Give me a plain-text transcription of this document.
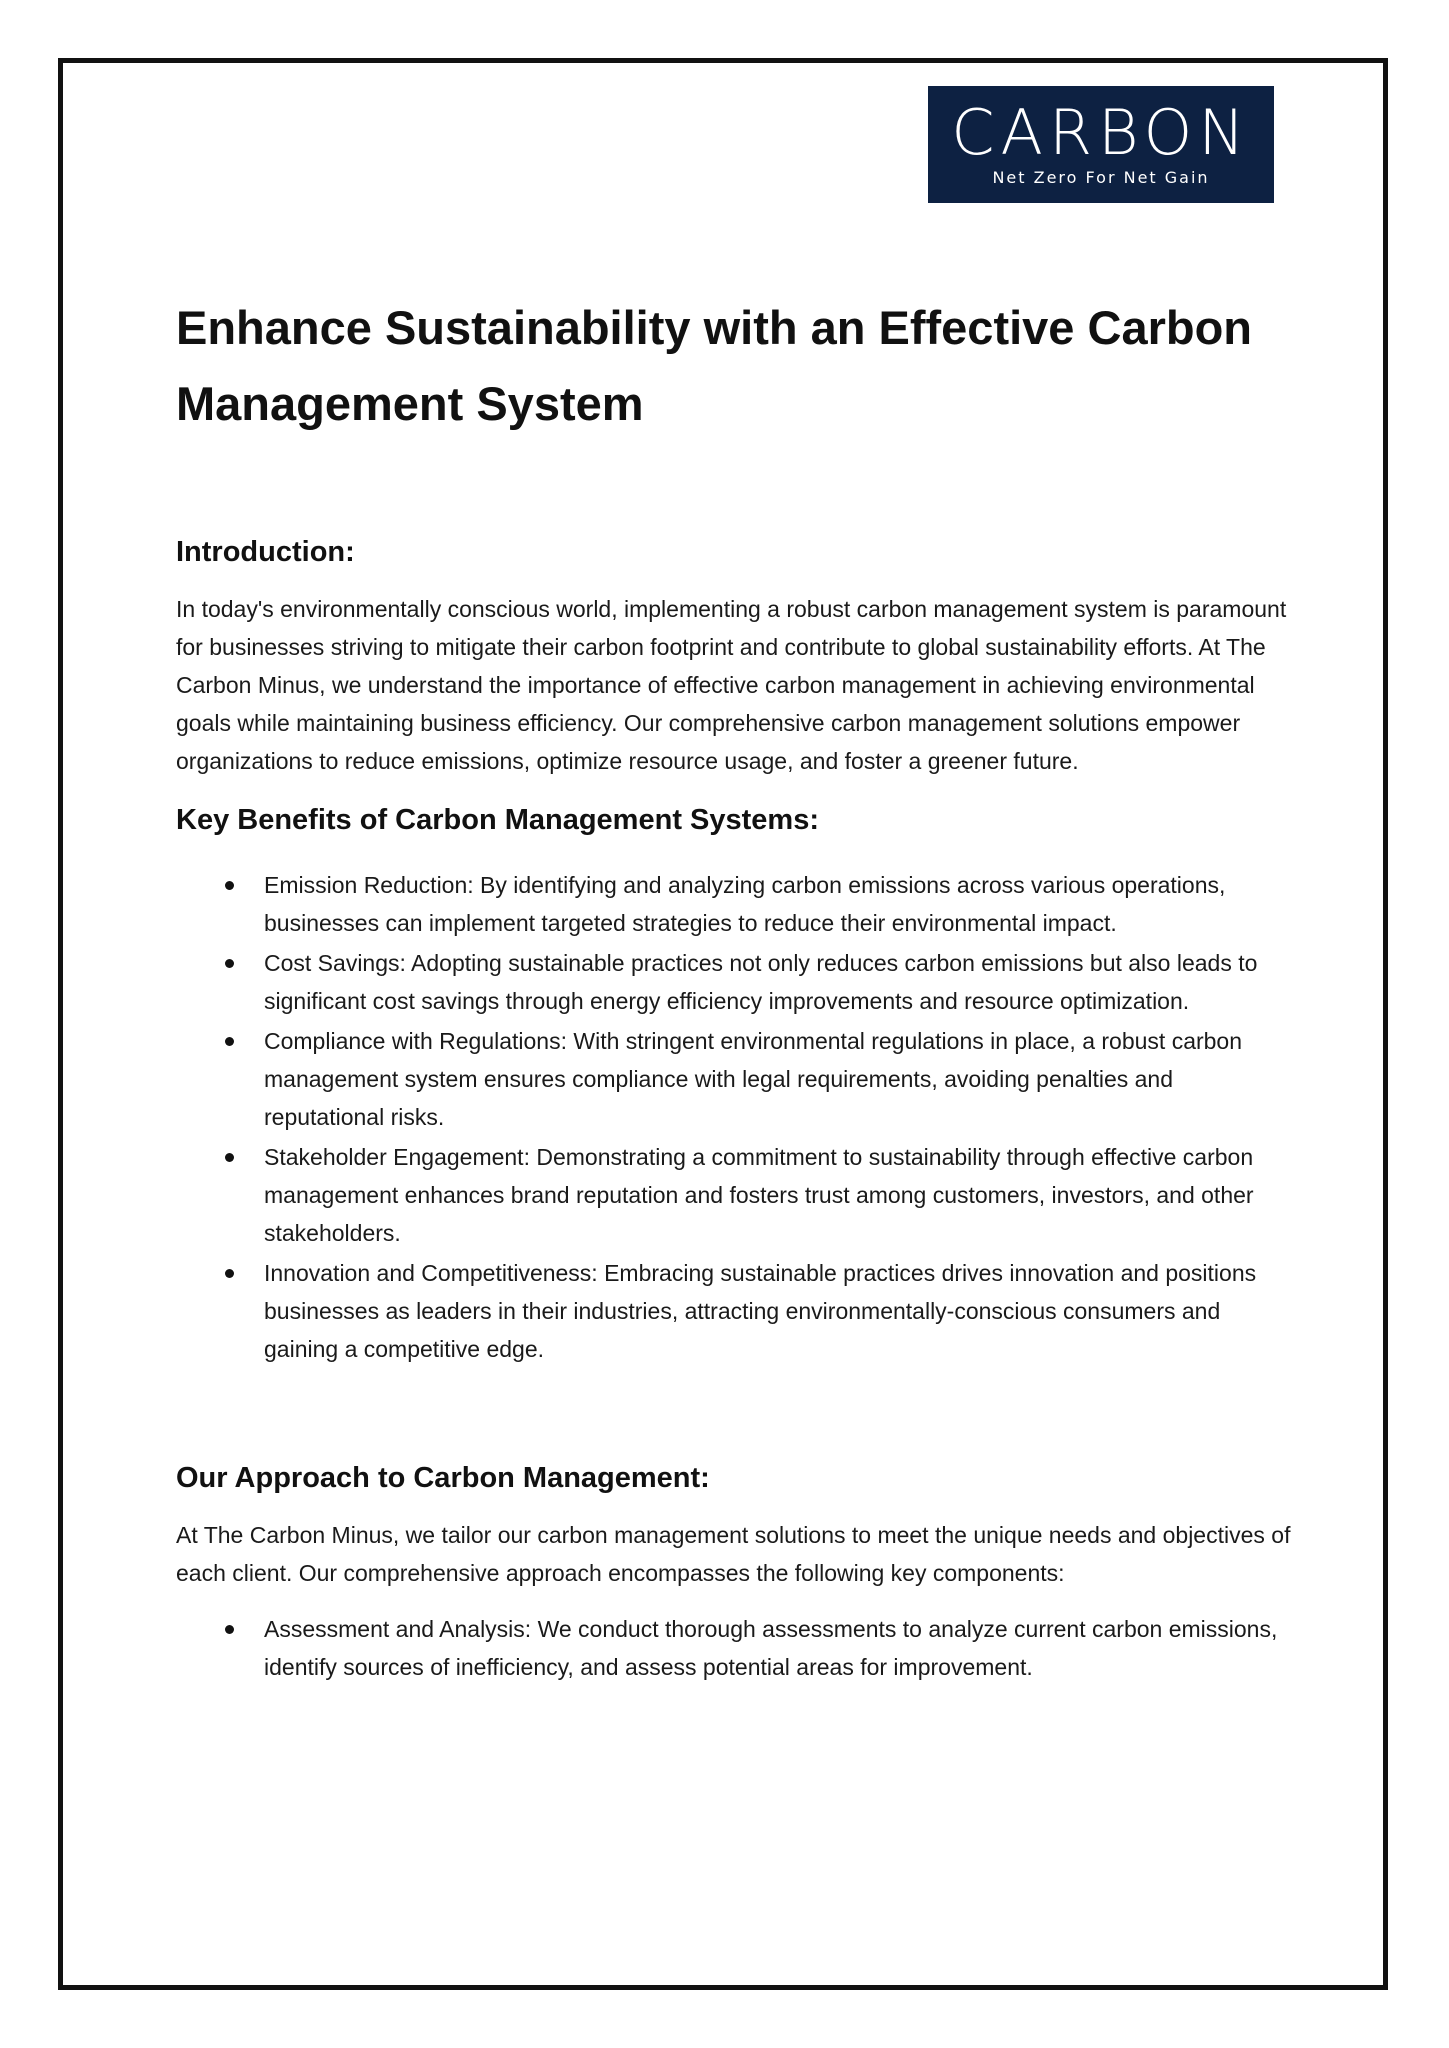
CARBON
Net Zero For Net Gain
Enhance Sustainability with an Effective Carbon Management System
Introduction:

In today's environmentally conscious world, implementing a robust carbon management system is paramount for businesses striving to mitigate their carbon footprint and contribute to global sustainability efforts. At The Carbon Minus, we understand the importance of effective carbon management in achieving environmental goals while maintaining business efficiency. Our comprehensive carbon management solutions empower organizations to reduce emissions, optimize resource usage, and foster a greener future.

Key Benefits of Carbon Management Systems:
Emission Reduction: By identifying and analyzing carbon emissions across various operations, businesses can implement targeted strategies to reduce their environmental impact.
Cost Savings: Adopting sustainable practices not only reduces carbon emissions but also leads to significant cost savings through energy efficiency improvements and resource optimization.
Compliance with Regulations: With stringent environmental regulations in place, a robust carbon management system ensures compliance with legal requirements, avoiding penalties and reputational risks.
Stakeholder Engagement: Demonstrating a commitment to sustainability through effective carbon management enhances brand reputation and fosters trust among customers, investors, and other stakeholders.
Innovation and Competitiveness: Embracing sustainable practices drives innovation and positions businesses as leaders in their industries, attracting environmentally-conscious consumers and gaining a competitive edge.
Our Approach to Carbon Management:

At The Carbon Minus, we tailor our carbon management solutions to meet the unique needs and objectives of each client. Our comprehensive approach encompasses the following key components:

Assessment and Analysis: We conduct thorough assessments to analyze current carbon emissions, identify sources of inefficiency, and assess potential areas for improvement.
